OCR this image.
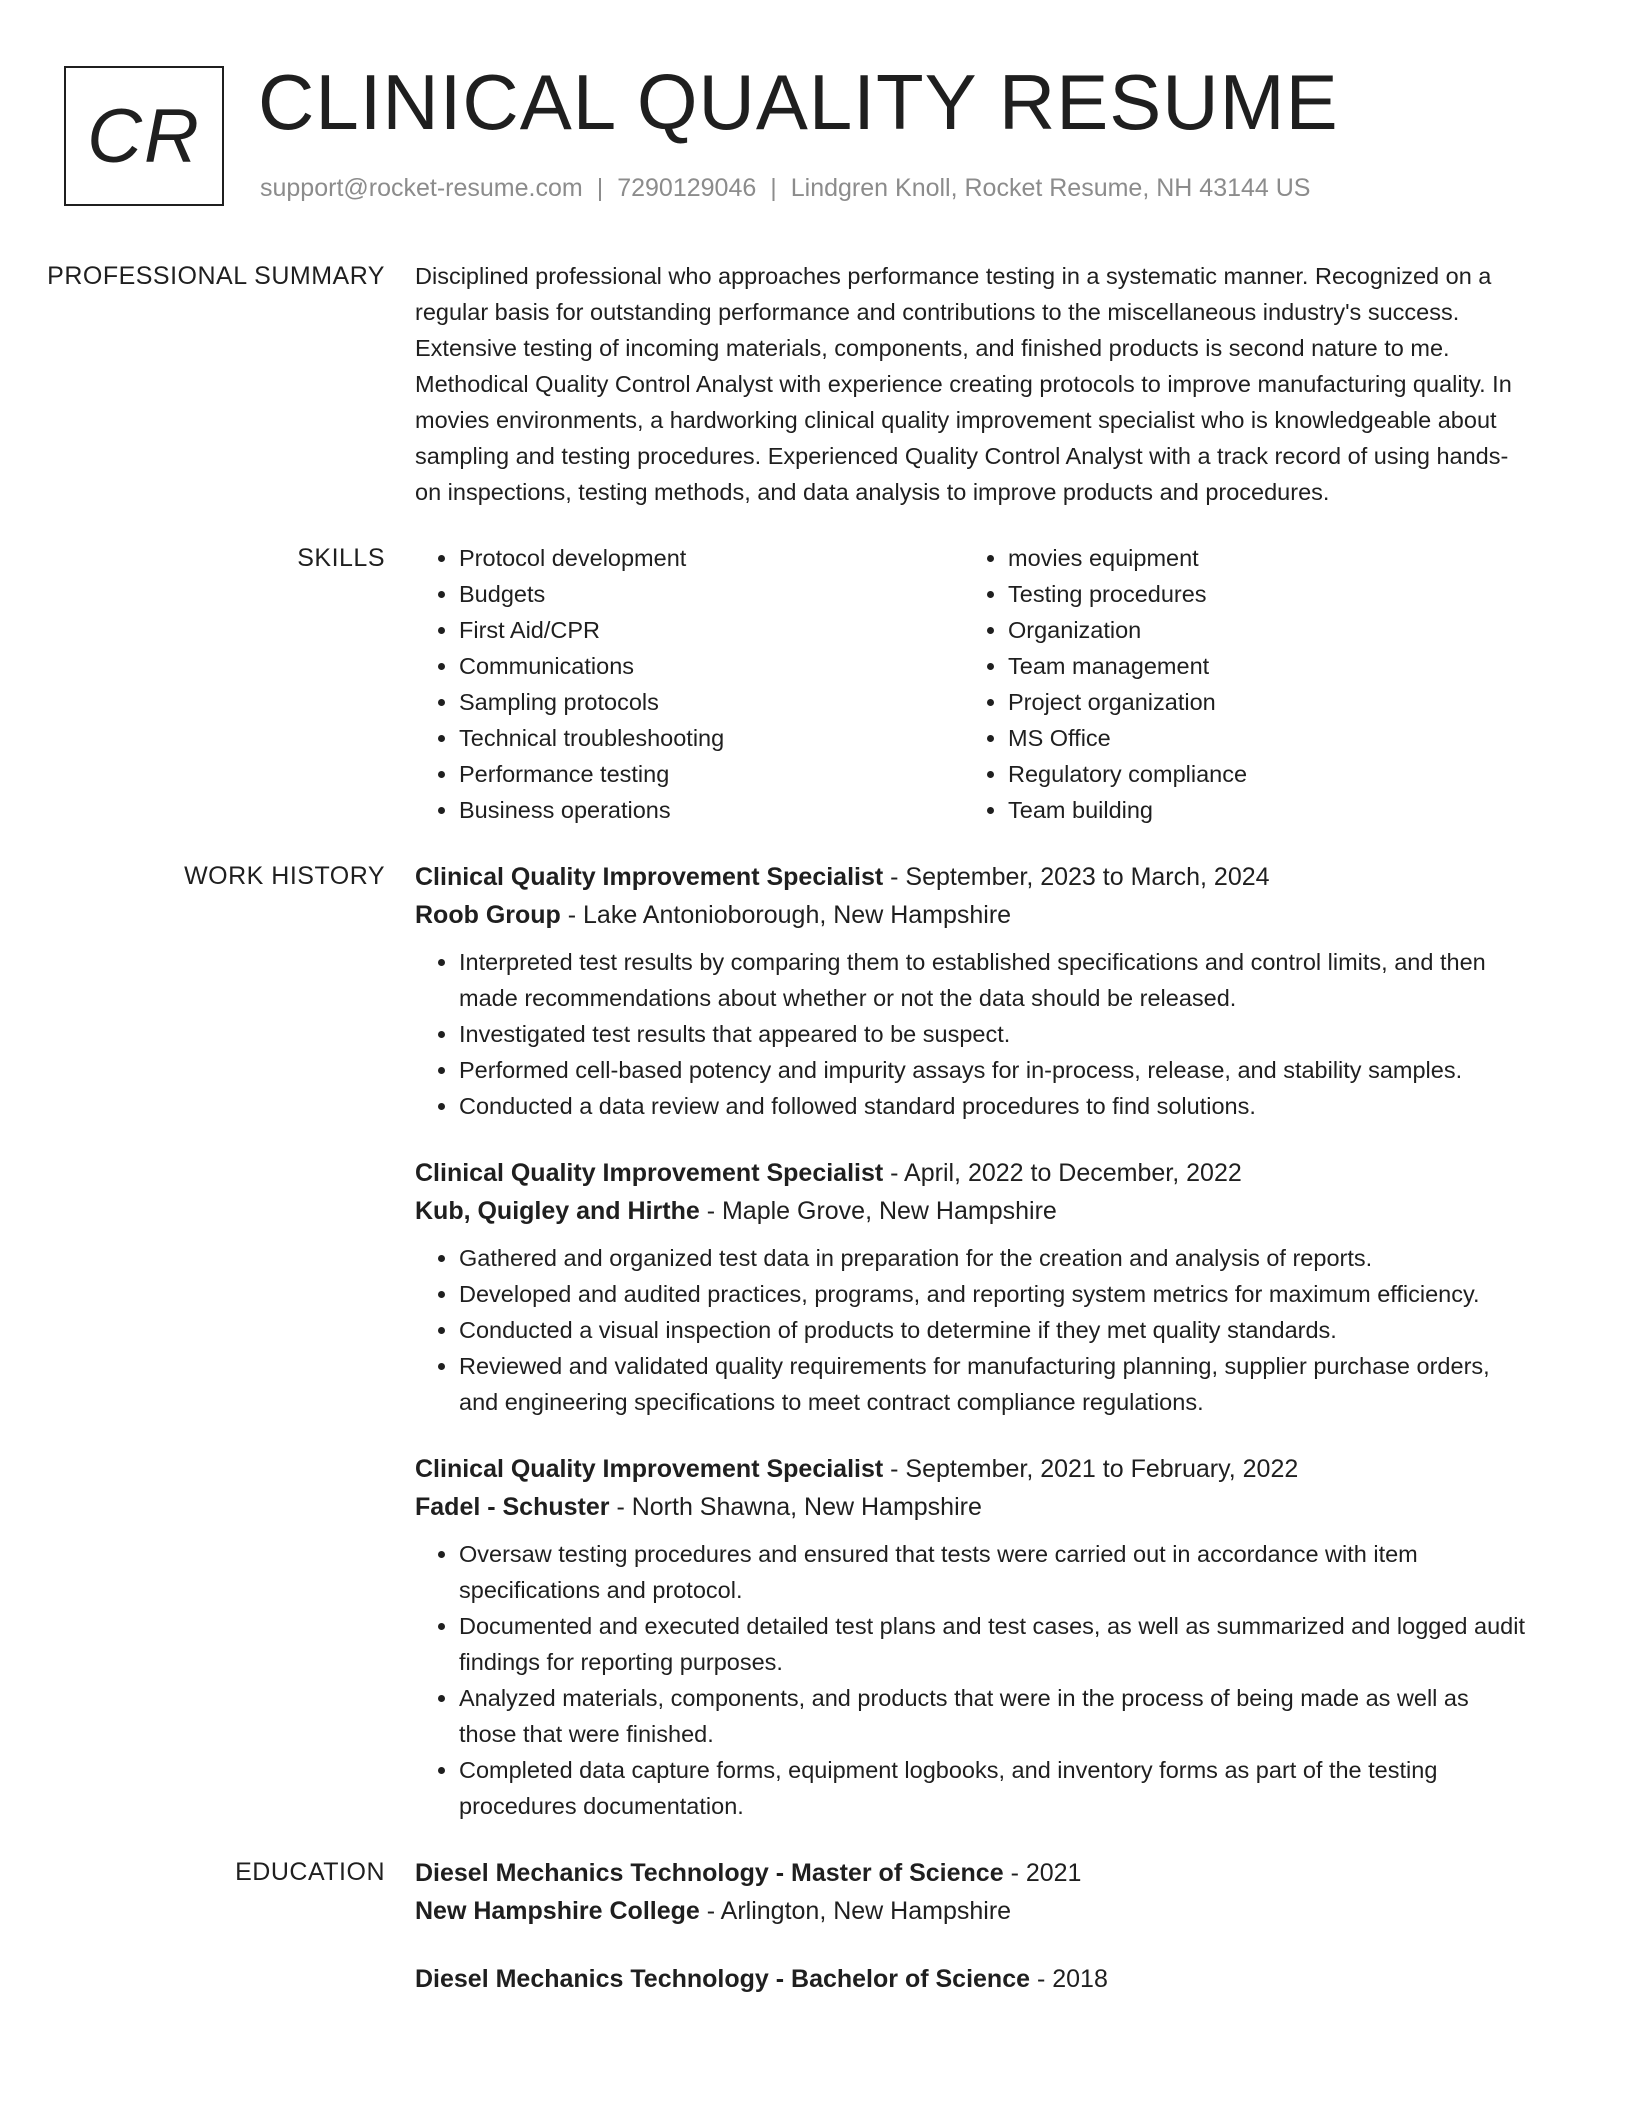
CR CLINICAL QUALITY RESUME
support@rocket-resume.com | 7290129046 | Lindgren Knoll, Rocket Resume, NH 43144 US
PROFESSIONAL SUMMARY	Disciplined professional who approaches performance testing in a systematic manner. Recognized on a regular basis for outstanding performance and contributions to the miscellaneous industry's success. Extensive testing of incoming materials, components, and finished products is second nature to me. Methodical Quality Control Analyst with experience creating protocols to improve manufacturing quality. In movies environments, a hardworking clinical quality improvement specialist who is knowledgeable about sampling and testing procedures. Experienced Quality Control Analyst with a track record of using hands-on inspections, testing methods, and data analysis to improve products and procedures.

SKILLS
•	Protocol development
• Budgets
• First Aid/CPR
• Communications
• Sampling protocols
• Technical troubleshooting
• Performance testing
• Business operations
• movies equipment
• Testing procedures
• Organization
• Team management
• Project organization
• MS Office
• Regulatory compliance
• Team building
WORK HISTORY	Clinical Quality Improvement Specialist - September, 2023 to March, 2024
Roob Group - Lake Antonioborough, New Hampshire
• Interpreted test results by comparing them to established specifications and control limits, and then made recommendations about whether or not the data should be released.
• Investigated test results that appeared to be suspect.
• Performed cell-based potency and impurity assays for in-process, release, and stability samples.
• Conducted a data review and followed standard procedures to find solutions.
Clinical Quality Improvement Specialist - April, 2022 to December, 2022
Kub, Quigley and Hirthe - Maple Grove, New Hampshire
• Gathered and organized test data in preparation for the creation and analysis of reports.
• Developed and audited practices, programs, and reporting system metrics for maximum efficiency.
• Conducted a visual inspection of products to determine if they met quality standards.
• Reviewed and validated quality requirements for manufacturing planning, supplier purchase orders, and engineering specifications to meet contract compliance regulations.
Clinical Quality Improvement Specialist - September, 2021 to February, 2022
Fadel - Schuster - North Shawna, New Hampshire
• Oversaw testing procedures and ensured that tests were carried out in accordance with item specifications and protocol.
• Documented and executed detailed test plans and test cases, as well as summarized and logged audit findings for reporting purposes.
• Analyzed materials, components, and products that were in the process of being made as well as those that were finished.
• Completed data capture forms, equipment logbooks, and inventory forms as part of the testing procedures documentation.
EDUCATION	Diesel Mechanics Technology - Master of Science - 2021
New Hampshire College - Arlington, New Hampshire
Diesel Mechanics Technology - Bachelor of Science - 2018
